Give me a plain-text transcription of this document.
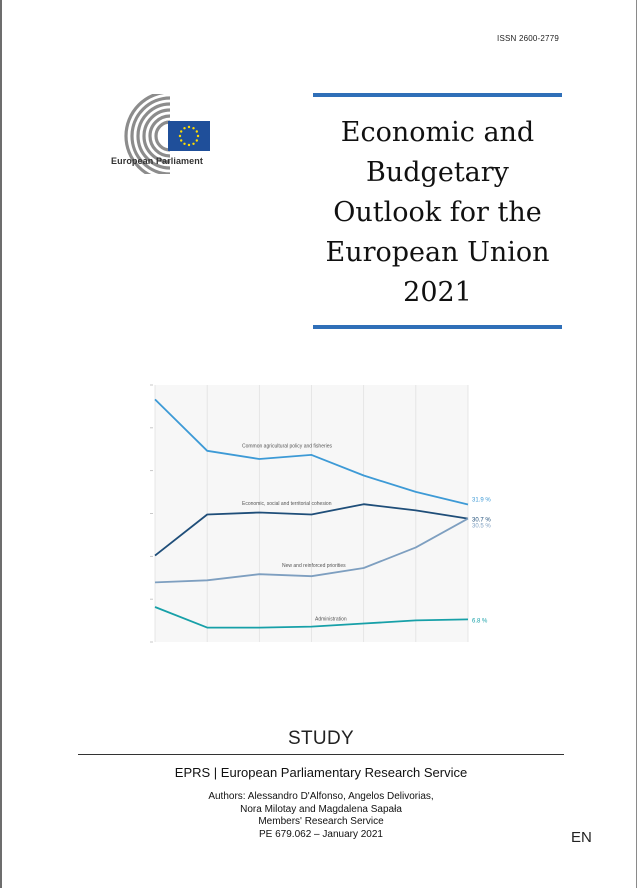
ISSN 2600-2779
European Parliament
Economic and
Budgetary
Outlook for the
European Union
2021
Common agricultural policy and fisheries
31.9 %
Economic, social and territorial cohesion
30.7 %
New and reinforced priorities
30.5 %
Administration	6.8 %
STUDY
EPRS | European Parliamentary Research Service
Authors: Alessandro D'Alfonso, Angelos Delivorias,
Nora Milotay and Magdalena Sapała
Members' Research Service
PE 679.062 – January 2021	EN
